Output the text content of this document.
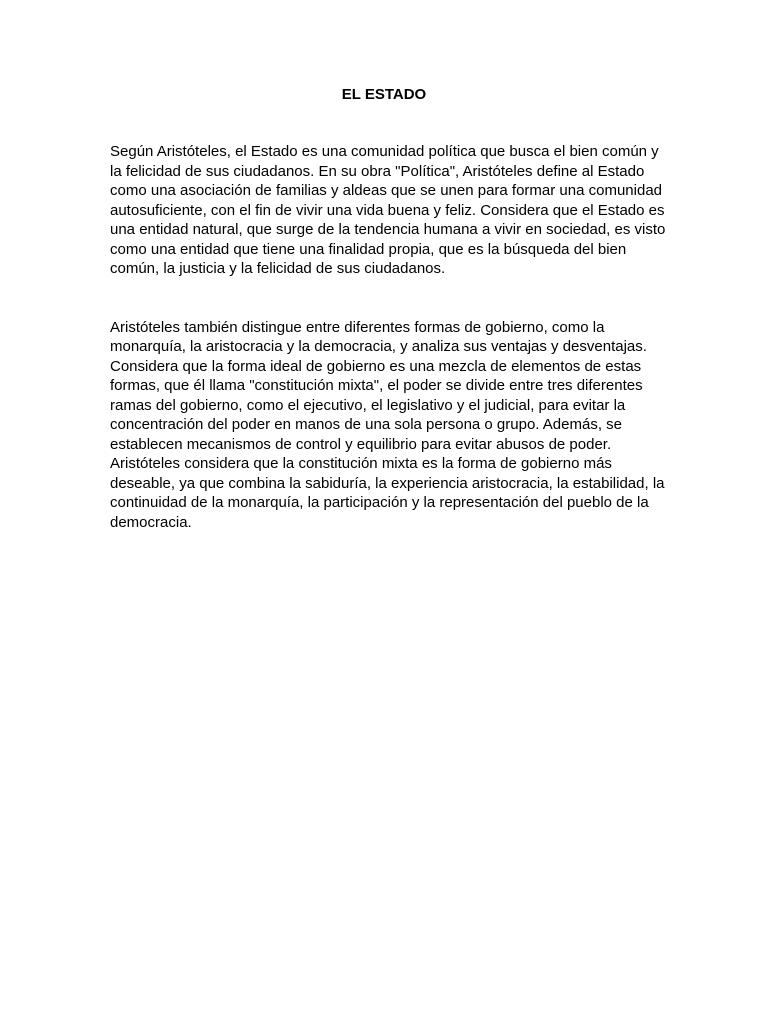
EL ESTADO

Según Aristóteles, el Estado es una comunidad política que busca el bien común y la felicidad de sus ciudadanos. En su obra "Política", Aristóteles define al Estado como una asociación de familias y aldeas que se unen para formar una comunidad autosuficiente, con el fin de vivir una vida buena y feliz. Considera que el Estado es una entidad natural, que surge de la tendencia humana a vivir en sociedad, es visto como una entidad que tiene una finalidad propia, que es la búsqueda del bien común, la justicia y la felicidad de sus ciudadanos.

Aristóteles también distingue entre diferentes formas de gobierno, como la monarquía, la aristocracia y la democracia, y analiza sus ventajas y desventajas. Considera que la forma ideal de gobierno es una mezcla de elementos de estas formas, que él llama "constitución mixta", el poder se divide entre tres diferentes ramas del gobierno, como el ejecutivo, el legislativo y el judicial, para evitar la concentración del poder en manos de una sola persona o grupo. Además, se establecen mecanismos de control y equilibrio para evitar abusos de poder. Aristóteles considera que la constitución mixta es la forma de gobierno más deseable, ya que combina la sabiduría, la experiencia aristocracia, la estabilidad, la continuidad de la monarquía, la participación y la representación del pueblo de la democracia.
